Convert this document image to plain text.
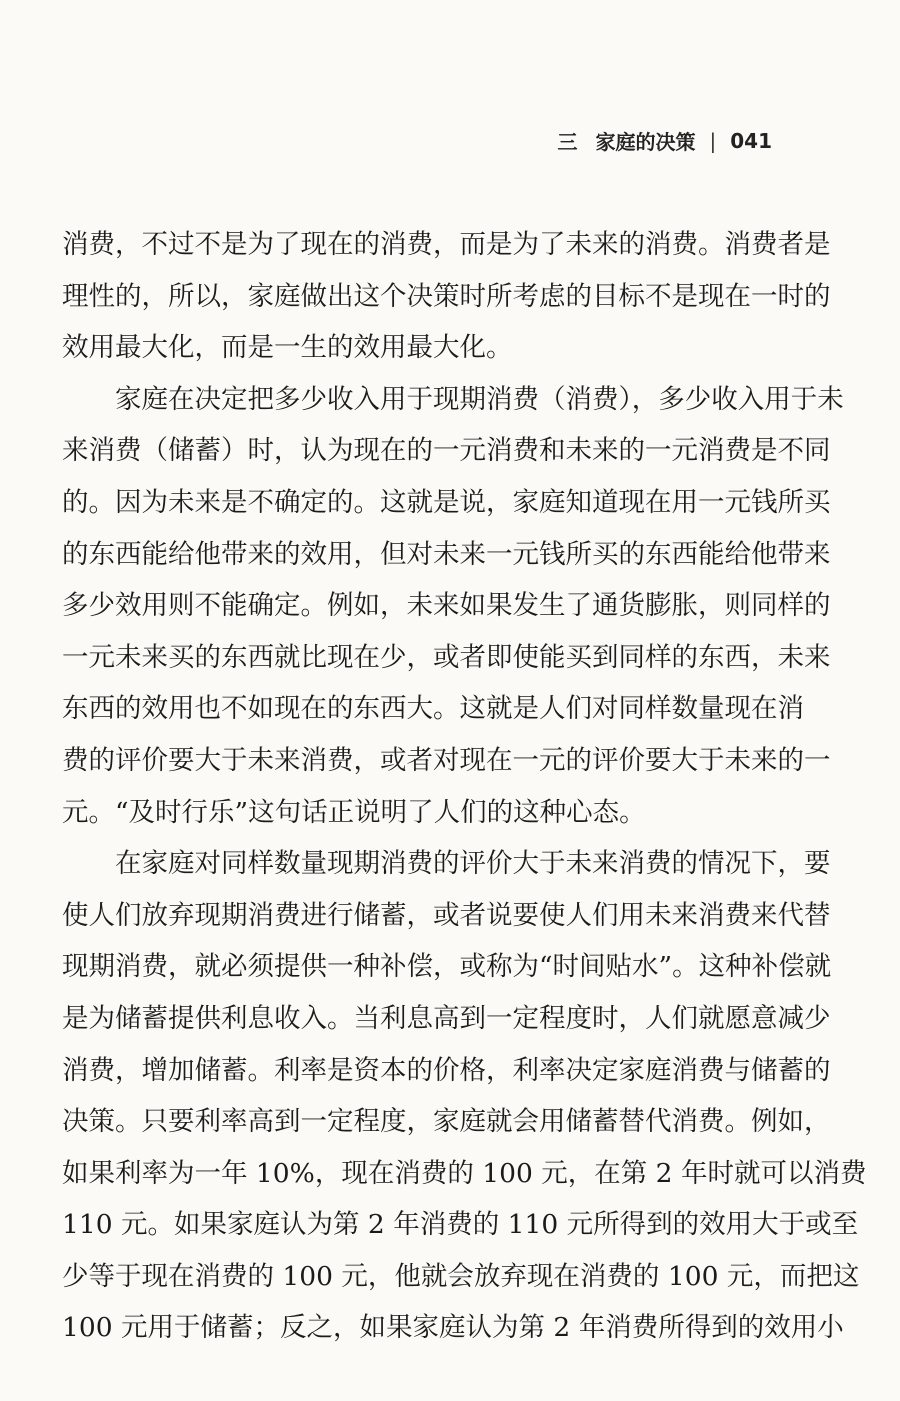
三 家庭的决策 | 041
消费，不过不是为了现在的消费，而是为了未来的消费。消费者是
理性的，所以，家庭做出这个决策时所考虑的目标不是现在一时的
效用最大化，而是一生的效用最大化。
家庭在决定把多少收入用于现期消费（消费），多少收入用于未
来消费（储蓄）时，认为现在的一元消费和未来的一元消费是不同
的。因为未来是不确定的。这就是说，家庭知道现在用一元钱所买
的东西能给他带来的效用，但对未来一元钱所买的东西能给他带来
多少效用则不能确定。例如，未来如果发生了通货膨胀，则同样的
一元未来买的东西就比现在少，或者即使能买到同样的东西，未来
东西的效用也不如现在的东西大。这就是人们对同样数量现在消
费的评价要大于未来消费，或者对现在一元的评价要大于未来的一
元。“及时行乐”这句话正说明了人们的这种心态。
在家庭对同样数量现期消费的评价大于未来消费的情况下，要
使人们放弃现期消费进行储蓄，或者说要使人们用未来消费来代替
现期消费，就必须提供一种补偿，或称为“时间贴水”。这种补偿就
是为储蓄提供利息收入。当利息高到一定程度时，人们就愿意减少
消费，增加储蓄。利率是资本的价格，利率决定家庭消费与储蓄的
决策。只要利率高到一定程度，家庭就会用储蓄替代消费。例如，
如果利率为一年 10%，现在消费的 100 元，在第 2 年时就可以消费
110 元。如果家庭认为第 2 年消费的 110 元所得到的效用大于或至
少等于现在消费的 100 元，他就会放弃现在消费的 100 元，而把这
100 元用于储蓄；反之，如果家庭认为第 2 年消费所得到的效用小
